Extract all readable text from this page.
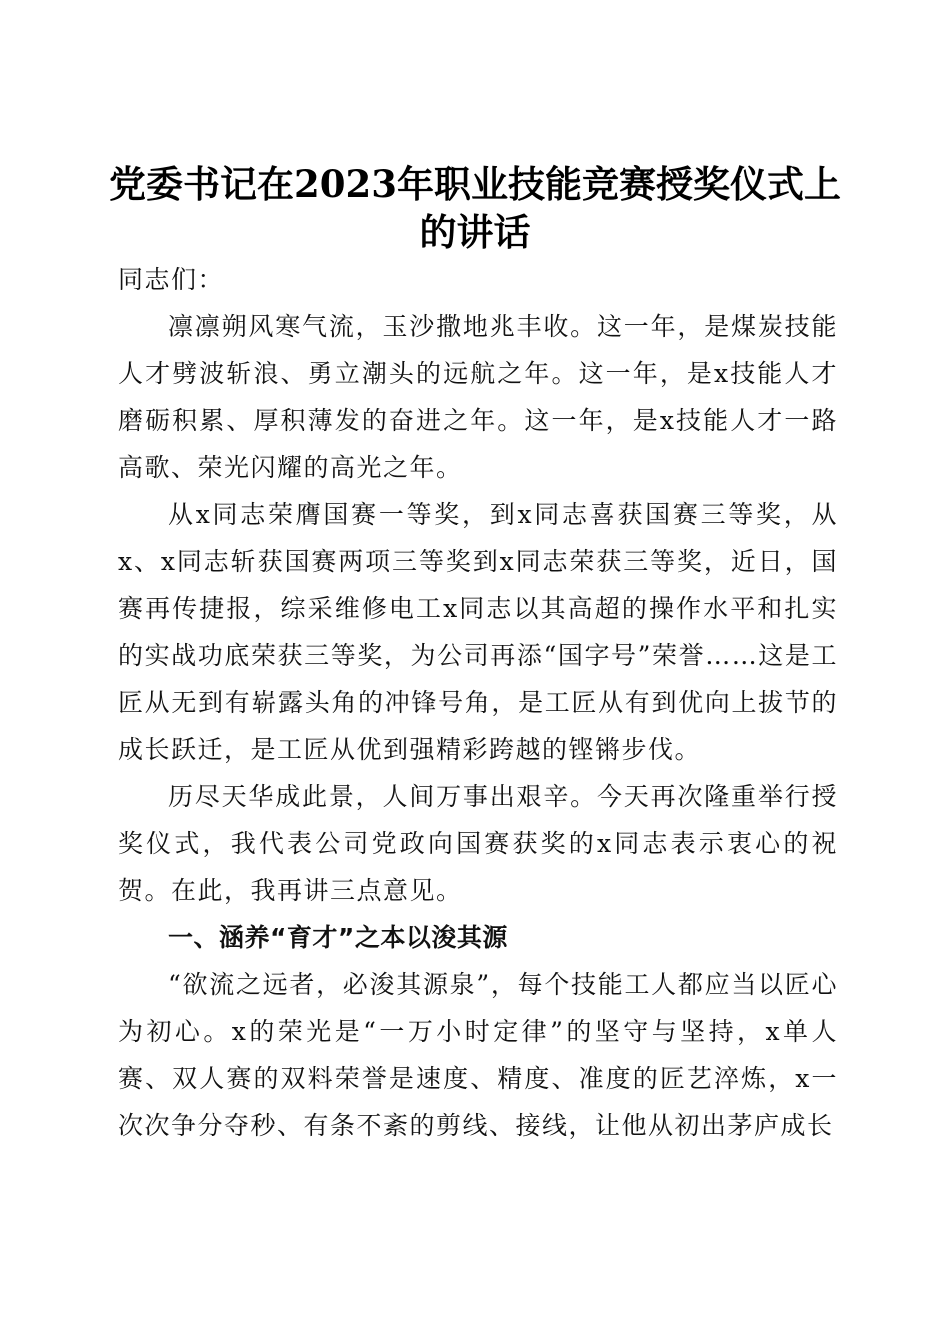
党委书记在2023年职业技能竞赛授奖仪式上
的讲话

同志们：

凛凛朔风寒气流，玉沙撒地兆丰收。这一年，是煤炭技能人才劈波斩浪、勇立潮头的远航之年。这一年，是x技能人才磨砺积累、厚积薄发的奋进之年。这一年，是x技能人才一路高歌、荣光闪耀的高光之年。

从x同志荣膺国赛一等奖，到x同志喜获国赛三等奖，从x、x同志斩获国赛两项三等奖到x同志荣获三等奖，近日，国赛再传捷报，综采维修电工x同志以其高超的操作水平和扎实的实战功底荣获三等奖，为公司再添“国字号”荣誉……这是工匠从无到有崭露头角的冲锋号角，是工匠从有到优向上拔节的成长跃迁，是工匠从优到强精彩跨越的铿锵步伐。

历尽天华成此景，人间万事出艰辛。今天再次隆重举行授奖仪式，我代表公司党政向国赛获奖的x同志表示衷心的祝贺。在此，我再讲三点意见。

一、涵养“育才”之本以浚其源

“欲流之远者，必浚其源泉”，每个技能工人都应当以匠心为初心。x的荣光是“一万小时定律”的坚守与坚持，x单人赛、双人赛的双料荣誉是速度、精度、准度的匠艺淬炼，x一次次争分夺秒、有条不紊的剪线、接线，让他从初出茅庐成长
